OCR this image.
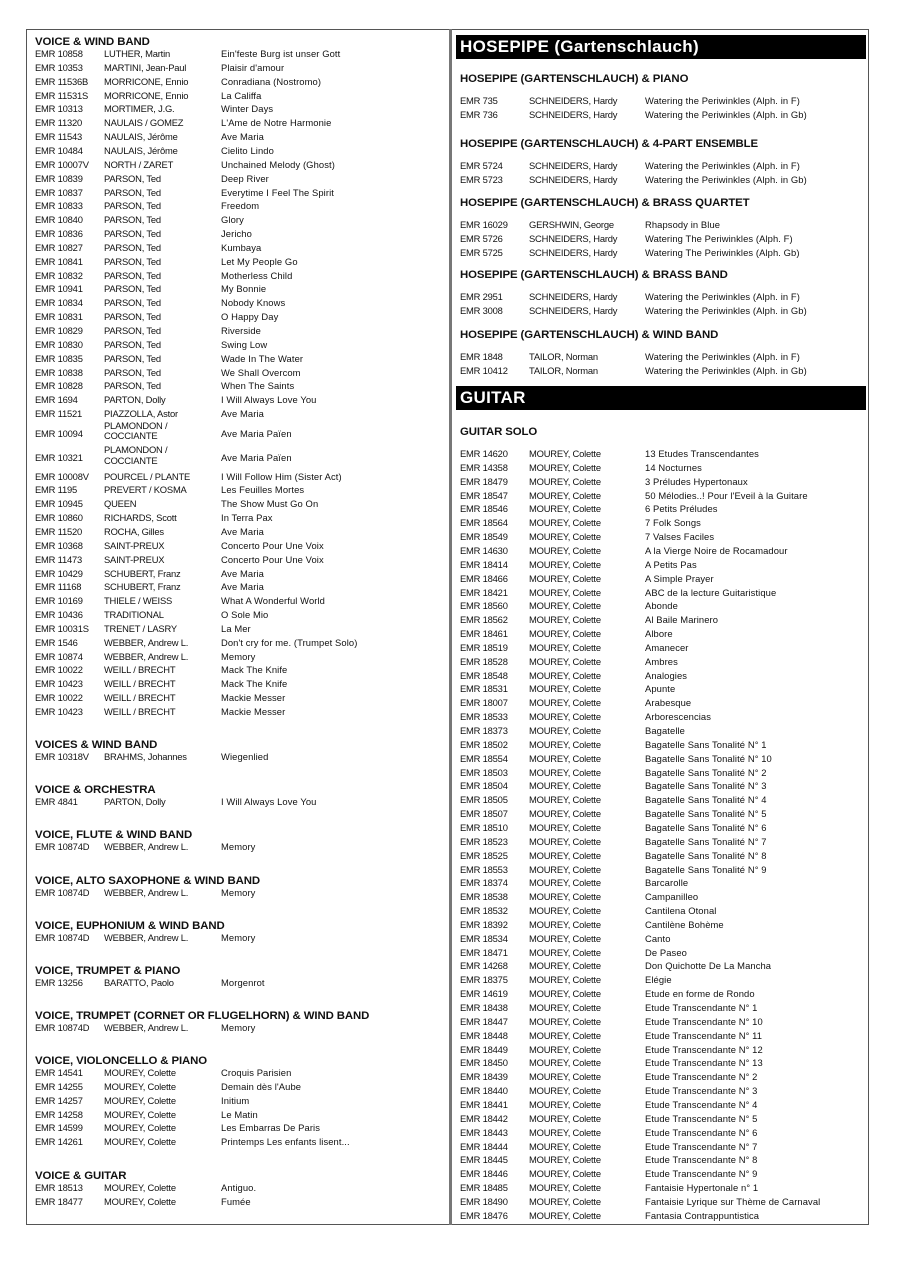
VOICE & WIND BAND
EMR 10858 LUTHER, Martin	Ein'feste Burg ist unser Gott
EMR 10353 MARTINI, Jean-Paul	Plaisir d'amour
EMR 11536B MORRICONE, Ennio	Conradiana (Nostromo)
EMR 11531S MORRICONE, Ennio	La Califfa
EMR 10313 MORTIMER, J.G.	Winter Days
EMR 11320 NAULAIS / GOMEZ	L'Ame de Notre Harmonie
EMR 11543 NAULAIS, Jérôme	Ave Maria
EMR 10484 NAULAIS, Jérôme	Cielito Lindo
EMR 10007V NORTH / ZARET	Unchained Melody (Ghost)
EMR 10839 PARSON, Ted	Deep River
EMR 10837 PARSON, Ted	Everytime I Feel The Spirit
EMR 10833 PARSON, Ted	Freedom
EMR 10840 PARSON, Ted	Glory
EMR 10836 PARSON, Ted	Jericho
EMR 10827 PARSON, Ted	Kumbaya
EMR 10841 PARSON, Ted	Let My People Go
EMR 10832 PARSON, Ted	Motherless Child
EMR 10941 PARSON, Ted	My Bonnie
EMR 10834 PARSON, Ted	Nobody Knows
EMR 10831 PARSON, Ted	O Happy Day
EMR 10829 PARSON, Ted	Riverside
EMR 10830 PARSON, Ted	Swing Low
EMR 10835 PARSON, Ted	Wade In The Water
EMR 10838 PARSON, Ted	We Shall Overcom
EMR 10828 PARSON, Ted	When The Saints
EMR 1694	PARTON, Dolly	I Will Always Love You
EMR 11521 PIAZZOLLA, Astor	Ave Maria
EMR 10094
PLAMONDON / COCCIANTE	Ave Maria Païen
EMR 10321
PLAMONDON / COCCIANTE	Ave Maria Païen
EMR 10008V POURCEL / PLANTE	I Will Follow Him (Sister Act)
EMR 1195	PREVERT / KOSMA	Les Feuilles Mortes
EMR 10945 QUEEN	The Show Must Go On
EMR 10860 RICHARDS, Scott	In Terra Pax
EMR 11520 ROCHA, Gilles	Ave Maria
EMR 10368 SAINT-PREUX	Concerto Pour Une Voix
EMR 11473 SAINT-PREUX	Concerto Pour Une Voix
EMR 10429 SCHUBERT, Franz	Ave Maria
EMR 11168 SCHUBERT, Franz	Ave Maria
EMR 10169 THIELE / WEISS	What A Wonderful World
EMR 10436 TRADITIONAL	O Sole Mio
EMR 10031S TRENET / LASRY	La Mer
EMR 1546	WEBBER, Andrew L.	Don't cry for me. (Trumpet Solo)
EMR 10874 WEBBER, Andrew L.	Memory
EMR 10022 WEILL / BRECHT	Mack The Knife
EMR 10423 WEILL / BRECHT	Mack The Knife
EMR 10022 WEILL / BRECHT	Mackie Messer
EMR 10423 WEILL / BRECHT	Mackie Messer
VOICES & WIND BAND
EMR 10318V BRAHMS, Johannes	Wiegenlied
VOICE & ORCHESTRA
EMR 4841	PARTON, Dolly	I Will Always Love You
VOICE, FLUTE & WIND BAND
EMR 10874D WEBBER, Andrew L.	Memory
VOICE, ALTO SAXOPHONE & WIND BAND
EMR 10874D WEBBER, Andrew L.	Memory
VOICE, EUPHONIUM & WIND BAND
EMR 10874D WEBBER, Andrew L.	Memory
VOICE, TRUMPET & PIANO
EMR 13256 BARATTO, Paolo	Morgenrot
VOICE, TRUMPET (CORNET OR FLUGELHORN) & WIND BAND
EMR 10874D WEBBER, Andrew L.	Memory
VOICE, VIOLONCELLO & PIANO
EMR 14541 MOUREY, Colette	Croquis Parisien
EMR 14255 MOUREY, Colette	Demain dès l'Aube
EMR 14257 MOUREY, Colette	Initium
EMR 14258 MOUREY, Colette	Le Matin
EMR 14599 MOUREY, Colette	Les Embarras De Paris
EMR 14261 MOUREY, Colette	Printemps Les enfants lisent...
VOICE & GUITAR
EMR 18513 MOUREY, Colette	Antiguo.
EMR 18477 MOUREY, Colette	Fumée
HOSEPIPE (Gartenschlauch)
GUITAR
HOSEPIPE (GARTENSCHLAUCH) & PIANO
EMR 735	SCHNEIDERS, Hardy	Watering the Periwinkles (Alph. in F)
EMR 736	SCHNEIDERS, Hardy	Watering the Periwinkles (Alph. in Gb)
HOSEPIPE (GARTENSCHLAUCH) & 4-PART ENSEMBLE
EMR 5724	SCHNEIDERS, Hardy	Watering the Periwinkles (Alph. in F)
EMR 5723	SCHNEIDERS, Hardy	Watering the Periwinkles (Alph. in Gb)
HOSEPIPE (GARTENSCHLAUCH) & BRASS QUARTET
EMR 16029 GERSHWIN, George	Rhapsody in Blue
EMR 5726	SCHNEIDERS, Hardy	Watering The Periwinkles (Alph. F)
EMR 5725	SCHNEIDERS, Hardy	Watering The Periwinkles (Alph. Gb)
HOSEPIPE (GARTENSCHLAUCH) & BRASS BAND
EMR 2951	SCHNEIDERS, Hardy	Watering the Periwinkles (Alph. in F)
EMR 3008	SCHNEIDERS, Hardy	Watering the Periwinkles (Alph. in Gb)
HOSEPIPE (GARTENSCHLAUCH) & WIND BAND
EMR 1848	TAILOR, Norman	Watering the Periwinkles (Alph. in F)
EMR 10412 TAILOR, Norman	Watering the Periwinkles (Alph. in Gb)
GUITAR SOLO
EMR 14620 MOUREY, Colette	13 Etudes Transcendantes
EMR 14358 MOUREY, Colette	14 Nocturnes
EMR 18479 MOUREY, Colette	3 Préludes Hypertonaux
EMR 18547 MOUREY, Colette	50 Mélodies..! Pour l'Eveil à la Guitare
EMR 18546 MOUREY, Colette	6 Petits Préludes
EMR 18564 MOUREY, Colette	7 Folk Songs
EMR 18549 MOUREY, Colette	7 Valses Faciles
EMR 14630 MOUREY, Colette	A la Vierge Noire de Rocamadour
EMR 18414 MOUREY, Colette	A Petits Pas
EMR 18466 MOUREY, Colette	A Simple Prayer
EMR 18421 MOUREY, Colette	ABC de la lecture Guitaristique
EMR 18560 MOUREY, Colette	Abonde
EMR 18562 MOUREY, Colette	Al Baile Marinero
EMR 18461 MOUREY, Colette	Albore
EMR 18519 MOUREY, Colette	Amanecer
EMR 18528 MOUREY, Colette	Ambres
EMR 18548 MOUREY, Colette	Analogies
EMR 18531 MOUREY, Colette	Apunte
EMR 18007 MOUREY, Colette	Arabesque
EMR 18533 MOUREY, Colette	Arborescencias
EMR 18373 MOUREY, Colette	Bagatelle
EMR 18502 MOUREY, Colette	Bagatelle Sans Tonalité N° 1
EMR 18554 MOUREY, Colette	Bagatelle Sans Tonalité N° 10
EMR 18503 MOUREY, Colette	Bagatelle Sans Tonalité N° 2
EMR 18504 MOUREY, Colette	Bagatelle Sans Tonalité N° 3
EMR 18505 MOUREY, Colette	Bagatelle Sans Tonalité N° 4
EMR 18507 MOUREY, Colette	Bagatelle Sans Tonalité N° 5
EMR 18510 MOUREY, Colette	Bagatelle Sans Tonalité N° 6
EMR 18523 MOUREY, Colette	Bagatelle Sans Tonalité N° 7
EMR 18525 MOUREY, Colette	Bagatelle Sans Tonalité N° 8
EMR 18553 MOUREY, Colette	Bagatelle Sans Tonalité N° 9
EMR 18374 MOUREY, Colette	Barcarolle
EMR 18538 MOUREY, Colette	Campanilleo
EMR 18532 MOUREY, Colette	Cantilena Otonal
EMR 18392 MOUREY, Colette	Cantilène Bohème
EMR 18534 MOUREY, Colette	Canto
EMR 18471 MOUREY, Colette	De Paseo
EMR 14268 MOUREY, Colette	Don Quichotte De La Mancha
EMR 18375 MOUREY, Colette	Elégie
EMR 14619 MOUREY, Colette	Etude en forme de Rondo
EMR 18438 MOUREY, Colette	Etude Transcendante N° 1
EMR 18447 MOUREY, Colette	Etude Transcendante N° 10
EMR 18448 MOUREY, Colette	Etude Transcendante N° 11
EMR 18449 MOUREY, Colette	Etude Transcendante N° 12
EMR 18450 MOUREY, Colette	Etude Transcendante N° 13
EMR 18439 MOUREY, Colette	Etude Transcendante N° 2
EMR 18440 MOUREY, Colette	Etude Transcendante N° 3
EMR 18441 MOUREY, Colette	Etude Transcendante N° 4
EMR 18442 MOUREY, Colette	Etude Transcendante N° 5
EMR 18443 MOUREY, Colette	Etude Transcendante N° 6
EMR 18444 MOUREY, Colette	Etude Transcendante N° 7
EMR 18445 MOUREY, Colette	Etude Transcendante N° 8
EMR 18446 MOUREY, Colette	Etude Transcendante N° 9
EMR 18485 MOUREY, Colette	Fantaisie Hypertonale n° 1
EMR 18490 MOUREY, Colette	Fantaisie Lyrique sur Thème de Carnaval
EMR 18476 MOUREY, Colette	Fantasia Contrappuntistica
